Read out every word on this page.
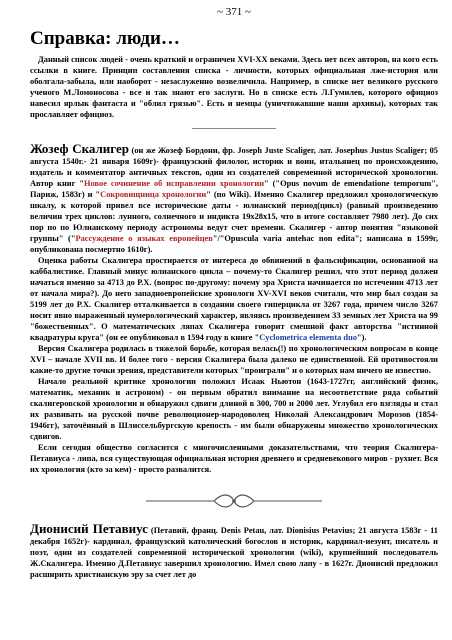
~ 371 ~
Справка: люди…

Данный список людей - очень краткий и ограничен XVI-XX веками. Здесь нет всех авторов, на кого есть ссылки в книге. Принцип составления списка - личности, которых официальная лже-история или оболгала-забыла, или наоборот - незаслуженно возвеличила. Например, в списке нет великого русского ученого М.Ломоносова - все и так знают его заслуги. Но в списке есть Л.Гумилев, которого официоз навесил ярлык фантаста и "облил грязью". Есть и немцы (уничтожавшие наши архивы), которых так прославляет официоз.

Жозеф Скалигер (он же Жозеф Бордони, фр. Joseph Juste Scaliger, лат. Josephus Justus Scaliger; 05 августа 1540г.- 21 января 1609г)- французский филолог, историк и воин, итальянец по происхождению, издатель и комментатор античных текстов, один из создателей современной исторической хронологии. Автор книг "Новое сочинение об исправлении хронологии" ("Opus novum de emendatione temporum", Париж, 1583г) и "Сокровищница хронологии" (по Wiki). Именно Скалигер предложил хронологическую шкалу, к которой привел все исторические даты - юлианский период(цикл) (равный произведению величин трех циклов: лунного, солнечного и индикта 19х28х15, что в итоге составляет 7980 лет). До сих пор по по Юлианскому периоду астрономы ведут счет времени. Скалигер - автор понятия "языковой группы" ("Рассуждение о языках европейцев"/"Opuscula varia antehac non edita"; написана в 1599г, опубликована посмертно 1610г).

Оценка работы Скалигера простирается от интереса до обвинений в фальсификации, основанной на каббалистике. Главный минус юлианского цикла – почему-то Скалигер решил, что этот период должен начаться именно за 4713 до Р.Х. (вопрос по-другому: почему эра Христа начинается по истечении 4713 лет от начала мира?). До него западноевропейские хронологи XV-XVI веков считали, что мир был создан за 5199 лет до Р.Х. Скалигер отталкивается в создании своего гиперцикла от 3267 года, причем число 3267 носит явно выраженный нумерологический характер, являясь произведением 33 земных лет Христа на 99 "божественных". О математических ляпах Скалигера говорит смешной факт авторства "истинной квадратуры круга" (он ее опубликовал в 1594 году в книге "Cyclometrica elementa duo").

Версия Скалигера родилась в тяжелой борьбе, которая велась(!) по хронологическим вопросам в конце XVI – начале XVII вв. И более того - версия Скалигера была далеко не единственной. Ей противостояли какие-то другие точки зрения, представители которых "проиграли" и о которых нам ничего не известно.

Начало реальной критике хронологии положил Исаак Ньютон (1643-1727гг, английский физик, математик, механик и астроном) - он первым обратил внимание на несоответствие ряда событий скалигеровской хронологии и обнаружил сдвиги длиной в 300, 700 и 2000 лет. Углубил его взгляды и стал их развивать на русской почве революционер-народоволец Николай Александрович Морозов (1854-1946гг), заточённый в Шлиссельбургскую крепость - им были обнаружены множество хронологических сдвигов.

Если сегодня общество согласится с многочисленными доказательствами, что теория Скалигера-Петавиуса - липа, вся существующая официальная история древнего и средневекового миров - рухнет. Вся их хронология (кто за кем) - просто развалится.

Дионисий Петавиус (Петавий, франц. Denis Petau, лат. Dionisius Petavius; 21 августа 1583г - 11 декабря 1652г)- кардинал, французский католический богослов и историк, кардинал-иезуит, писатель и поэт, один из создателей современной исторической хронологии (wiki), крупнейший последователь Ж.Скалигера. Именно Д.Петавиус завершил хронологию. Имел свою лапу - в 1627г. Дионисий предложил расширить христианскую эру за счет лет до
